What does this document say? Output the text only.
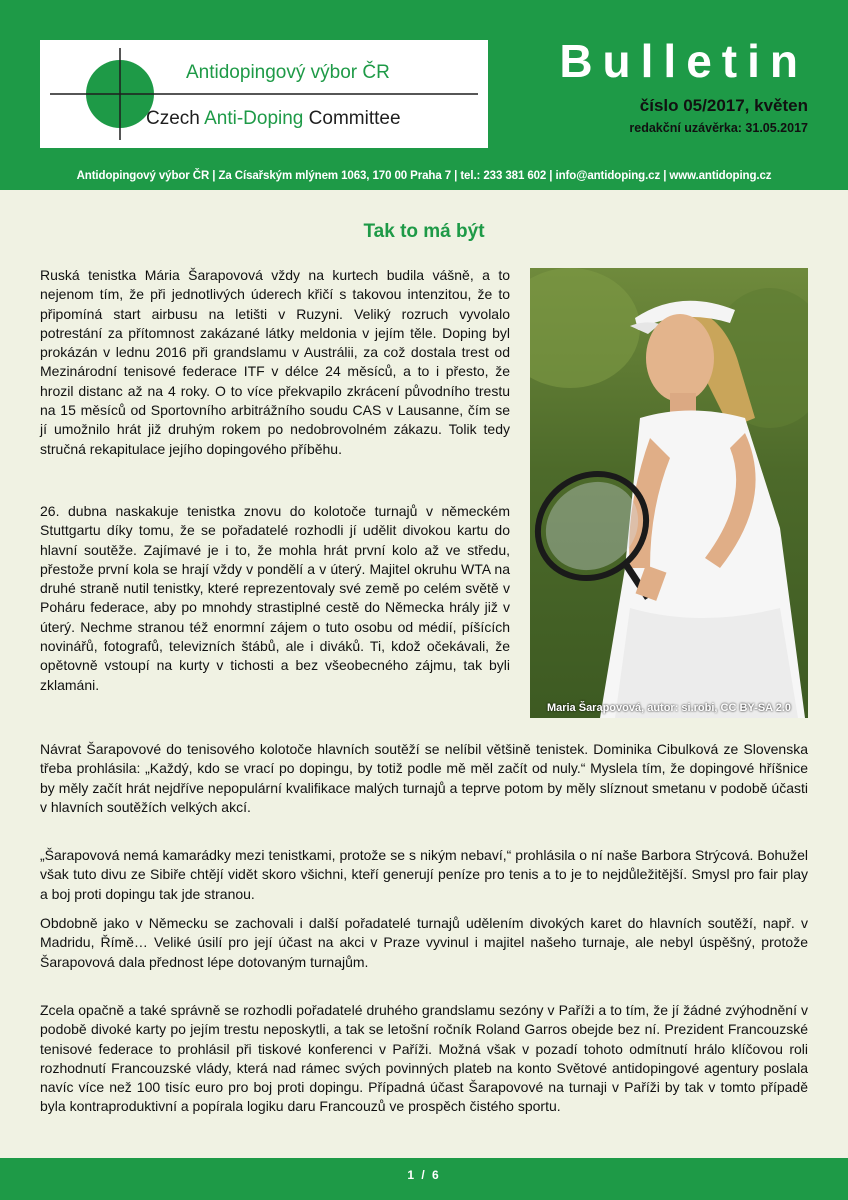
Antidopingový výbor ČR
Czech Anti-Doping Committee
Bulletin
číslo 05/2017, květen
redakční uzávěrka: 31.05.2017
Antidopingový výbor ČR | Za Císařským mlýnem 1063, 170 00 Praha 7 | tel.: 233 381 602 | info@antidoping.cz | www.antidoping.cz
Tak to má být
Ruská tenistka Mária Šarapovová vždy na kurtech budila vášně, a to nejenom tím, že při jednotlivých úderech křičí s takovou intenzitou, že to připomíná start airbusu na letišti v Ruzyni. Veliký rozruch vyvolalo potrestání za přítomnost zakázané látky meldonia v jejím těle. Doping byl prokázán v lednu 2016 při grandslamu v Austrálii, za což dostala trest od Mezinárodní tenisové federace ITF v délce 24 měsíců, a to i přesto, že hrozil distanc až na 4 roky. O to více překvapilo zkrácení původního trestu na 15 měsíců od Sportovního arbitrážního soudu CAS v Lausanne, čím se jí umožnilo hrát již druhým rokem po nedobrovolném zákazu. Tolik tedy stručná rekapitulace jejího dopingového příběhu.
26. dubna naskakuje tenistka znovu do kolotoče turnajů v německém Stuttgartu díky tomu, že se pořadatelé rozhodli jí udělit divokou kartu do hlavní soutěže. Zajímavé je i to, že mohla hrát první kolo až ve středu, přestože první kola se hrají vždy v pondělí a v úterý. Majitel okruhu WTA na druhé straně nutil tenistky, které reprezentovaly své země po celém světě v Poháru federace, aby po mnohdy strastiplné cestě do Německa hrály již v úterý. Nechme stranou též enormní zájem o tuto osobu od médií, píšících novinářů, fotografů, televizních štábů, ale i diváků. Ti, kdož očekávali, že opětovně vstoupí na kurty v tichosti a bez všeobecného zájmu, tak byli zklamáni.
Maria Šarapovová, autor: si.robi, CC BY-SA 2.0
Návrat Šarapovové do tenisového kolotoče hlavních soutěží se nelíbil většině tenistek. Dominika Cibulková ze Slovenska třeba prohlásila: „Každý, kdo se vrací po dopingu, by totiž podle mě měl začít od nuly.“ Myslela tím, že dopingové hříšnice by měly začít hrát nejdříve nepopulární kvalifikace malých turnajů a teprve potom by měly slíznout smetanu v podobě účasti v hlavních soutěžích velkých akcí.
„Šarapovová nemá kamarádky mezi tenistkami, protože se s nikým nebaví,“ prohlásila o ní naše Barbora Strýcová. Bohužel však tuto divu ze Sibiře chtějí vidět skoro všichni, kteří generují peníze pro tenis a to je to nejdůležitější. Smysl pro fair play a boj proti dopingu tak jde stranou.
Obdobně jako v Německu se zachovali i další pořadatelé turnajů udělením divokých karet do hlavních soutěží, např. v Madridu, Římě… Veliké úsilí pro její účast na akci v Praze vyvinul i majitel našeho turnaje, ale nebyl úspěšný, protože Šarapovová dala přednost lépe dotovaným turnajům.
Zcela opačně a také správně se rozhodli pořadatelé druhého grandslamu sezóny v Paříži a to tím, že jí žádné zvýhodnění v podobě divoké karty po jejím trestu neposkytli, a tak se letošní ročník Roland Garros obejde bez ní. Prezident Francouzské tenisové federace to prohlásil při tiskové konferenci v Paříži. Možná však v pozadí tohoto odmítnutí hrálo klíčovou roli rozhodnutí Francouzské vlády, která nad rámec svých povinných plateb na konto Světové antidopingové agentury poslala navíc více než 100 tisíc euro pro boj proti dopingu. Případná účast Šarapovové na turnaji v Paříži by tak v tomto případě byla kontraproduktivní a popírala logiku daru Francouzů ve prospěch čistého sportu.
1 / 6
